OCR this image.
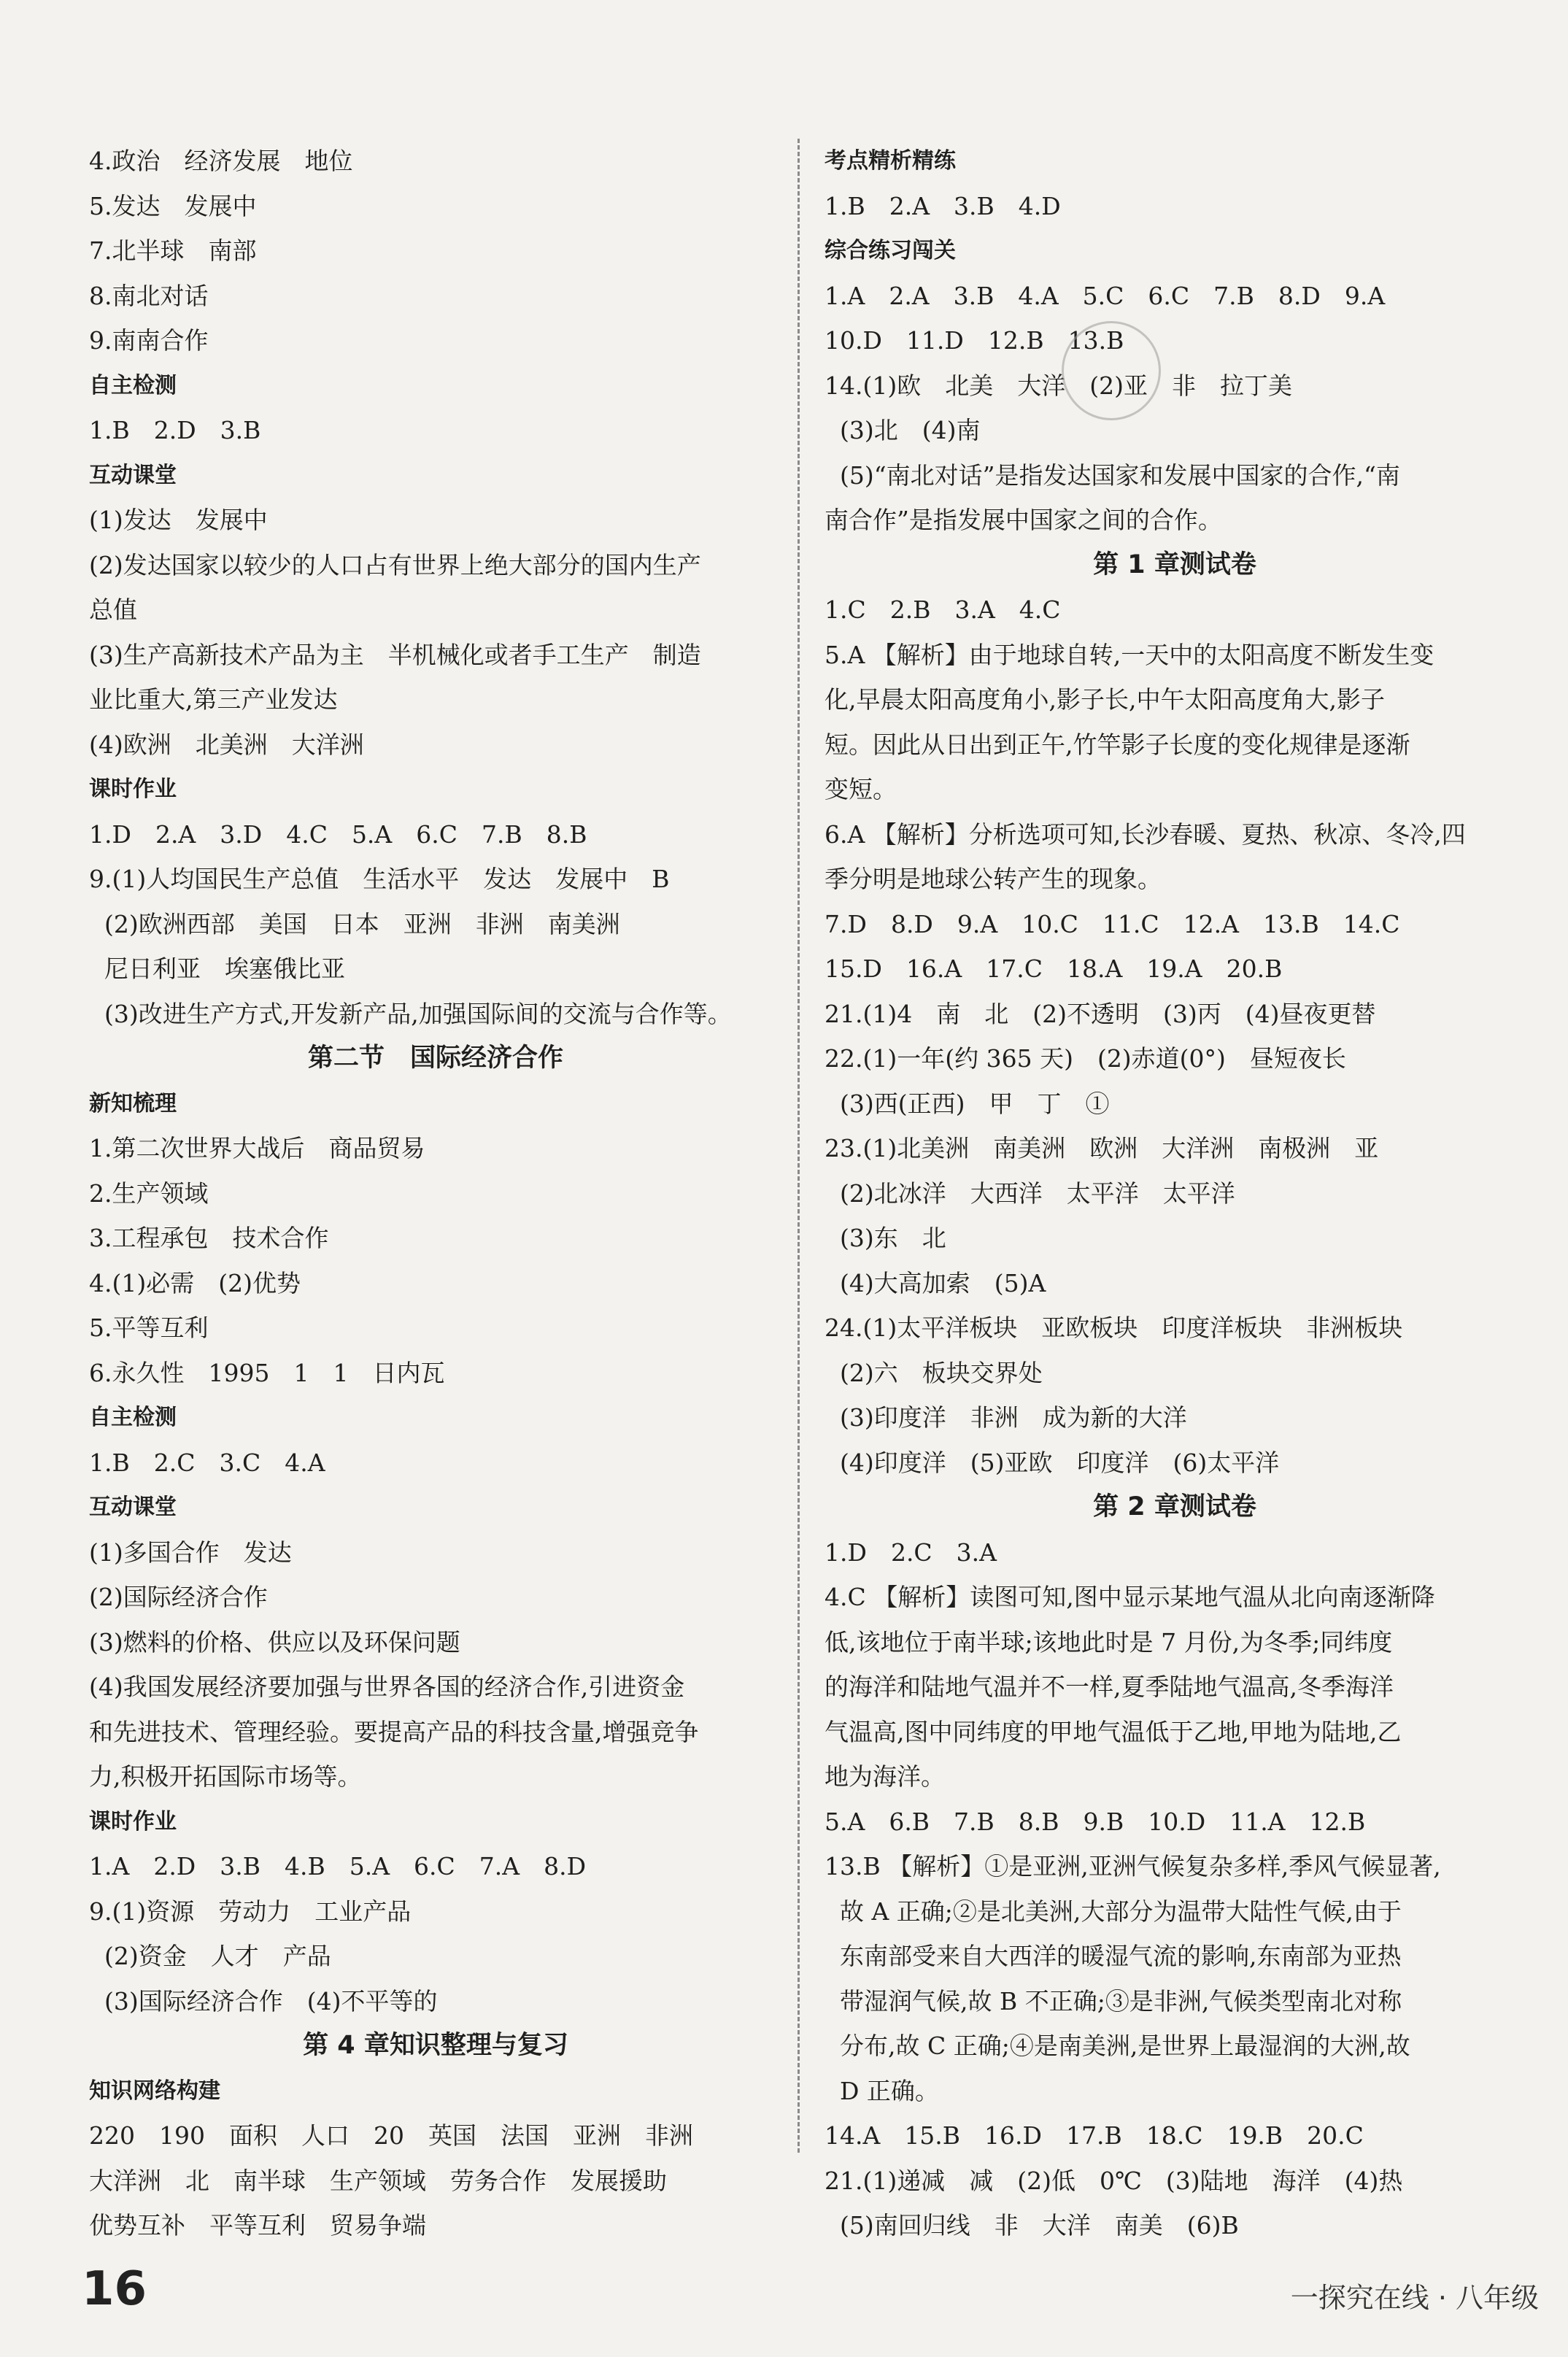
4.政治　经济发展　地位
5.发达　发展中
7.北半球　南部
8.南北对话
9.南南合作
自主检测
1.B　2.D　3.B
互动课堂
(1)发达　发展中
(2)发达国家以较少的人口占有世界上绝大部分的国内生产
总值
(3)生产高新技术产品为主　半机械化或者手工生产　制造
业比重大,第三产业发达
(4)欧洲　北美洲　大洋洲
课时作业
1.D　2.A　3.D　4.C　5.A　6.C　7.B　8.B
9.(1)人均国民生产总值　生活水平　发达　发展中　B
(2)欧洲西部　美国　日本　亚洲　非洲　南美洲
尼日利亚　埃塞俄比亚
(3)改进生产方式,开发新产品,加强国际间的交流与合作等。
第二节　国际经济合作
新知梳理
1.第二次世界大战后　商品贸易
2.生产领域
3.工程承包　技术合作
4.(1)必需　(2)优势
5.平等互利
6.永久性　1995　1　1　日内瓦
自主检测
1.B　2.C　3.C　4.A
互动课堂
(1)多国合作　发达
(2)国际经济合作
(3)燃料的价格、供应以及环保问题
(4)我国发展经济要加强与世界各国的经济合作,引进资金
和先进技术、管理经验。要提高产品的科技含量,增强竞争
力,积极开拓国际市场等。
课时作业
1.A　2.D　3.B　4.B　5.A　6.C　7.A　8.D
9.(1)资源　劳动力　工业产品
(2)资金　人才　产品
(3)国际经济合作　(4)不平等的
第 4 章知识整理与复习
知识网络构建
220　190　面积　人口　20　英国　法国　亚洲　非洲
大洋洲　北　南半球　生产领域　劳务合作　发展援助
优势互补　平等互利　贸易争端
考点精析精练
1.B　2.A　3.B　4.D
综合练习闯关
1.A　2.A　3.B　4.A　5.C　6.C　7.B　8.D　9.A
10.D　11.D　12.B　13.B
14.(1)欧　北美　大洋　(2)亚　非　拉丁美
(3)北　(4)南
(5)“南北对话”是指发达国家和发展中国家的合作,“南
南合作”是指发展中国家之间的合作。
第 1 章测试卷
1.C　2.B　3.A　4.C
5.A 【解析】由于地球自转,一天中的太阳高度不断发生变
化,早晨太阳高度角小,影子长,中午太阳高度角大,影子
短。因此从日出到正午,竹竿影子长度的变化规律是逐渐
变短。
6.A 【解析】分析选项可知,长沙春暖、夏热、秋凉、冬冷,四
季分明是地球公转产生的现象。
7.D　8.D　9.A　10.C　11.C　12.A　13.B　14.C
15.D　16.A　17.C　18.A　19.A　20.B
21.(1)4　南　北　(2)不透明　(3)丙　(4)昼夜更替
22.(1)一年(约 365 天)　(2)赤道(0°)　昼短夜长
(3)西(正西)　甲　丁　①
23.(1)北美洲　南美洲　欧洲　大洋洲　南极洲　亚
(2)北冰洋　大西洋　太平洋　太平洋
(3)东　北
(4)大高加索　(5)A
24.(1)太平洋板块　亚欧板块　印度洋板块　非洲板块
(2)六　板块交界处
(3)印度洋　非洲　成为新的大洋
(4)印度洋　(5)亚欧　印度洋　(6)太平洋
第 2 章测试卷
1.D　2.C　3.A
4.C 【解析】读图可知,图中显示某地气温从北向南逐渐降
低,该地位于南半球;该地此时是 7 月份,为冬季;同纬度
的海洋和陆地气温并不一样,夏季陆地气温高,冬季海洋
气温高,图中同纬度的甲地气温低于乙地,甲地为陆地,乙
地为海洋。
5.A　6.B　7.B　8.B　9.B　10.D　11.A　12.B
13.B 【解析】①是亚洲,亚洲气候复杂多样,季风气候显著,
故 A 正确;②是北美洲,大部分为温带大陆性气候,由于
东南部受来自大西洋的暖湿气流的影响,东南部为亚热
带湿润气候,故 B 不正确;③是非洲,气候类型南北对称
分布,故 C 正确;④是南美洲,是世界上最湿润的大洲,故
D 正确。
14.A　15.B　16.D　17.B　18.C　19.B　20.C
21.(1)递减　减　(2)低　0℃　(3)陆地　海洋　(4)热
(5)南回归线　非　大洋　南美　(6)B
16	一探究在线 · 八年级
